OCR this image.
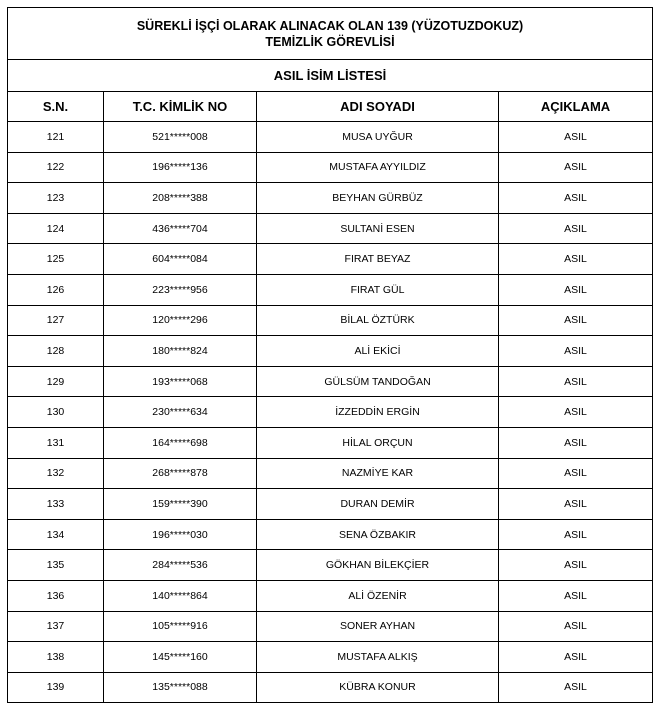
SÜREKLİ İŞÇİ OLARAK ALINACAK OLAN 139 (YÜZOTUZDOKUZ)
TEMİZLİK GÖREVLİSİ			

ASIL İSİM LİSTESİ			
S.N.	T.C. KİMLİK NO	ADI SOYADI	AÇIKLAMA
121	521*****008	MUSA UYĞUR	ASIL
122	196*****136	MUSTAFA AYYILDIZ	ASIL
123	208*****388	BEYHAN GÜRBÜZ	ASIL
124	436*****704	SULTANİ ESEN	ASIL
125	604*****084	FIRAT BEYAZ	ASIL
126	223*****956	FIRAT GÜL	ASIL
127	120*****296	BİLAL ÖZTÜRK	ASIL
128	180*****824	ALİ EKİCİ	ASIL
129	193*****068	GÜLSÜM TANDOĞAN	ASIL
130	230*****634	İZZEDDİN ERGİN	ASIL
131	164*****698	HİLAL ORÇUN	ASIL
132	268*****878	NAZMİYE KAR	ASIL
133	159*****390	DURAN DEMİR	ASIL
134	196*****030	SENA ÖZBAKIR	ASIL
135	284*****536	GÖKHAN BİLEKÇİER	ASIL
136	140*****864	ALİ ÖZENİR	ASIL
137	105*****916	SONER AYHAN	ASIL
138	145*****160	MUSTAFA ALKIŞ	ASIL
139	135*****088	KÜBRA KONUR	ASIL
